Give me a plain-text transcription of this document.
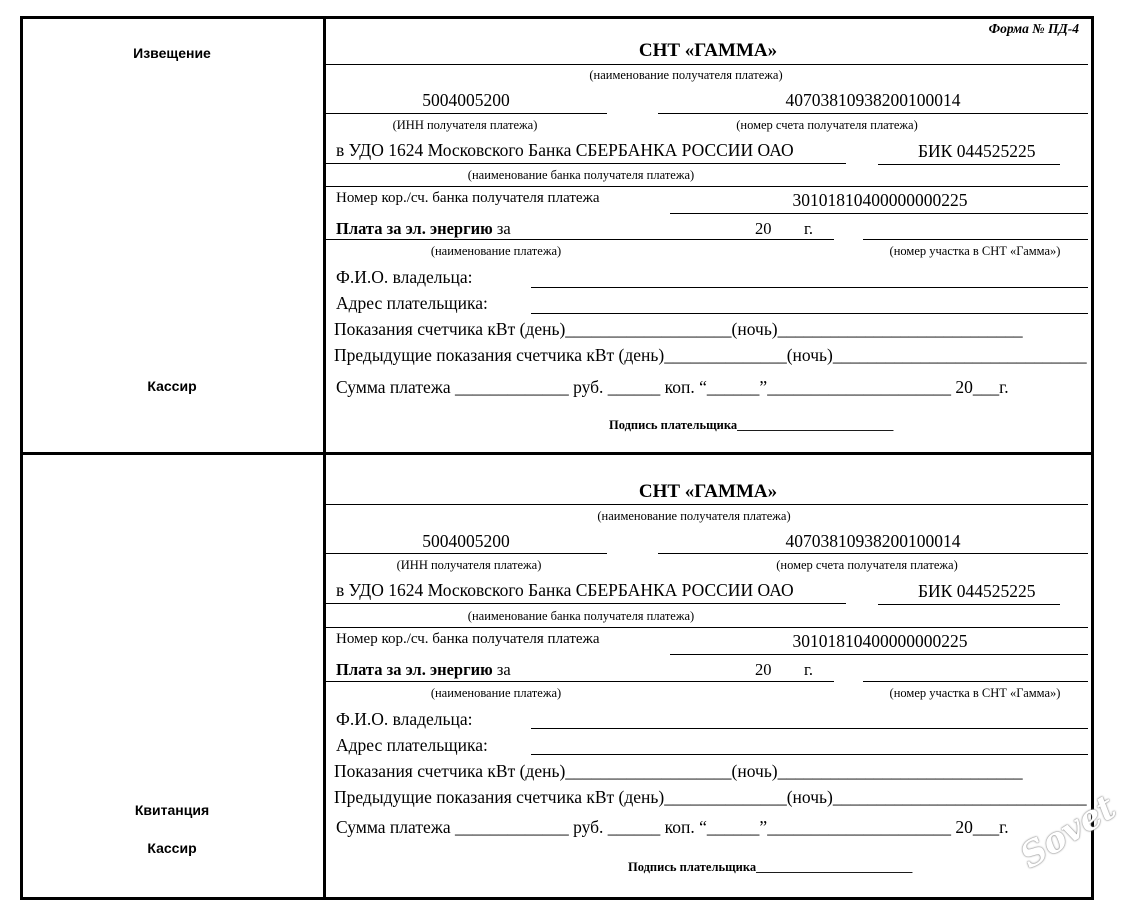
Извещение
Кассир
Форма № ПД-4
СНТ «ГАММА»
(наименование получателя платежа)
5004005200	40703810938200100014
(ИНН получателя платежа)	(номер счета получателя платежа)
в УДО 1624 Московского Банка СБЕРБАНКА РОССИИ ОАО	БИК 044525225
(наименование банка получателя платежа)
Номер кор./сч. банка получателя платежа	30101810400000000225
Плата за эл. энергию за	20 г.
(наименование платежа)	(номер участка в СНТ «Гамма»)
Ф.И.О. владельца:
Адрес плательщика:
Показания счетчика кВт (день)___________________(ночь)____________________________
Предыдущие показания счетчика кВт (день)______________(ночь)_____________________________
Сумма платежа _____________ руб. ______ коп. “______”_____________________ 20___г.
Подпись плательщика_________________________
Квитанция
Кассир
СНТ «ГАММА»
(наименование получателя платежа)
5004005200	40703810938200100014
(ИНН получателя платежа)	(номер счета получателя платежа)
в УДО 1624 Московского Банка СБЕРБАНКА РОССИИ ОАО	БИК 044525225
(наименование банка получателя платежа)
Номер кор./сч. банка получателя платежа	30101810400000000225
Плата за эл. энергию за	20 г.
(наименование платежа)	(номер участка в СНТ «Гамма»)
Ф.И.О. владельца:
Адрес плательщика:
Показания счетчика кВт (день)___________________(ночь)____________________________
Предыдущие показания счетчика кВт (день)______________(ночь)_____________________________
Сумма платежа _____________ руб. ______ коп. “______”_____________________ 20___г.
Подпись плательщика_________________________	Sovet
